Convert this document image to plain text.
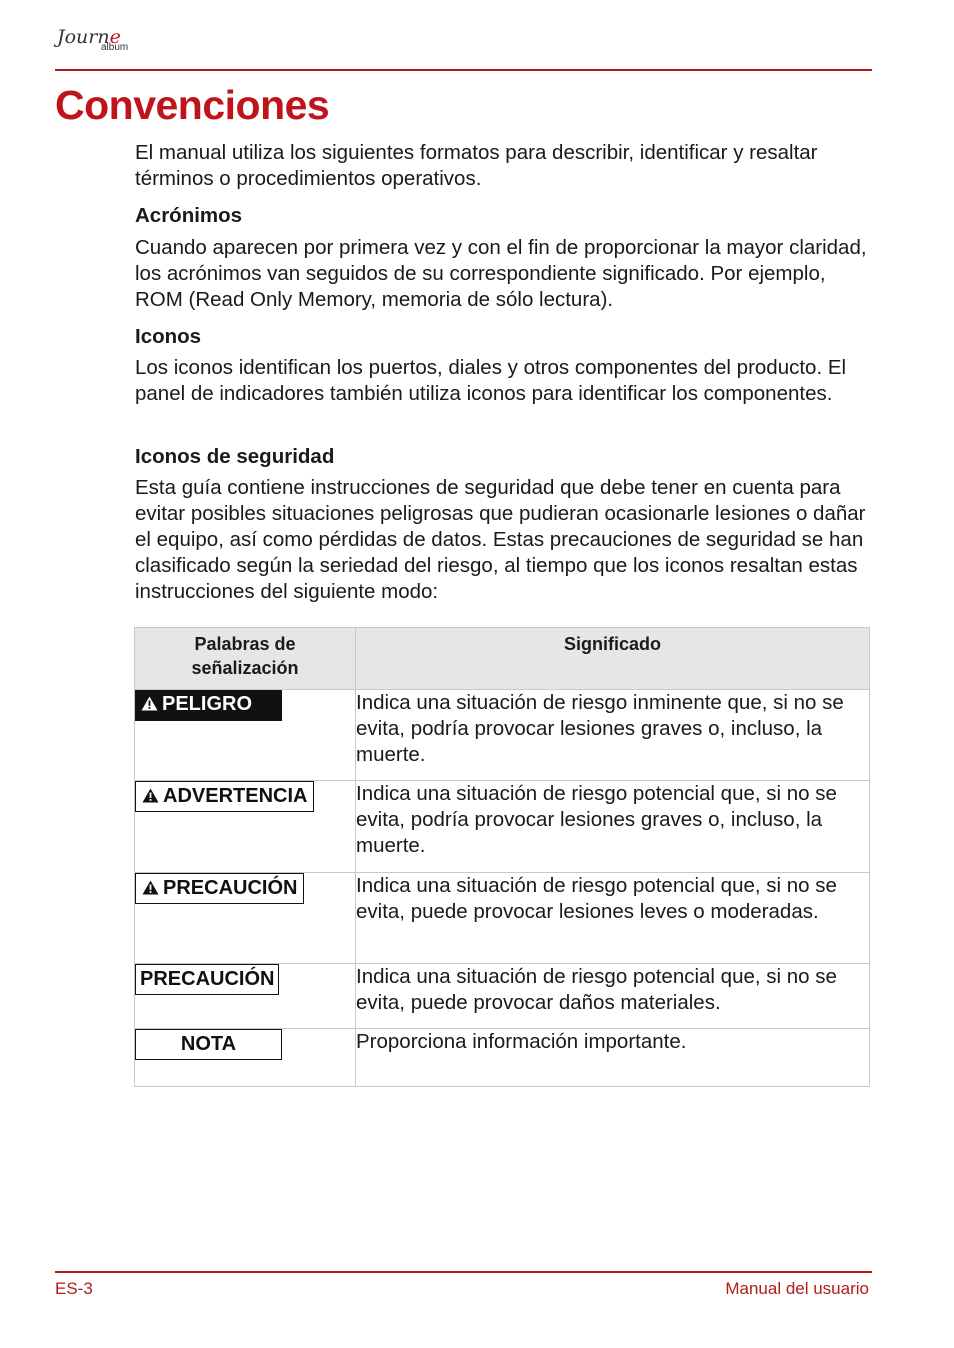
Journe
album
Convenciones

El manual utiliza los siguientes formatos para describir, identificar y resaltar términos o procedimientos operativos.

Acrónimos

Cuando aparecen por primera vez y con el fin de proporcionar la mayor claridad, los acrónimos van seguidos de su correspondiente significado. Por ejemplo, ROM (Read Only Memory, memoria de sólo lectura).

Iconos

Los iconos identifican los puertos, diales y otros componentes del producto. El panel de indicadores también utiliza iconos para identificar los componentes.

Iconos de seguridad

Esta guía contiene instrucciones de seguridad que debe tener en cuenta para evitar posibles situaciones peligrosas que pudieran ocasionarle lesiones o dañar el equipo, así como pérdidas de datos. Estas precauciones de seguridad se han clasificado según la seriedad del riesgo, al tiempo que los iconos resaltan estas instrucciones del siguiente modo:

Palabras de señalización	Significado

PELIGRO	Indica una situación de riesgo inminente que, si no se evita, podría provocar lesiones graves o, incluso, la muerte.
ADVERTENCIA	Indica una situación de riesgo potencial que, si no se evita, podría provocar lesiones graves o, incluso, la muerte.
PRECAUCIÓN	Indica una situación de riesgo potencial que, si no se evita, puede provocar lesiones leves o moderadas.
PRECAUCIÓN	Indica una situación de riesgo potencial que, si no se evita, puede provocar daños materiales.
NOTA	Proporciona información importante.

ES-3	Manual del usuario
